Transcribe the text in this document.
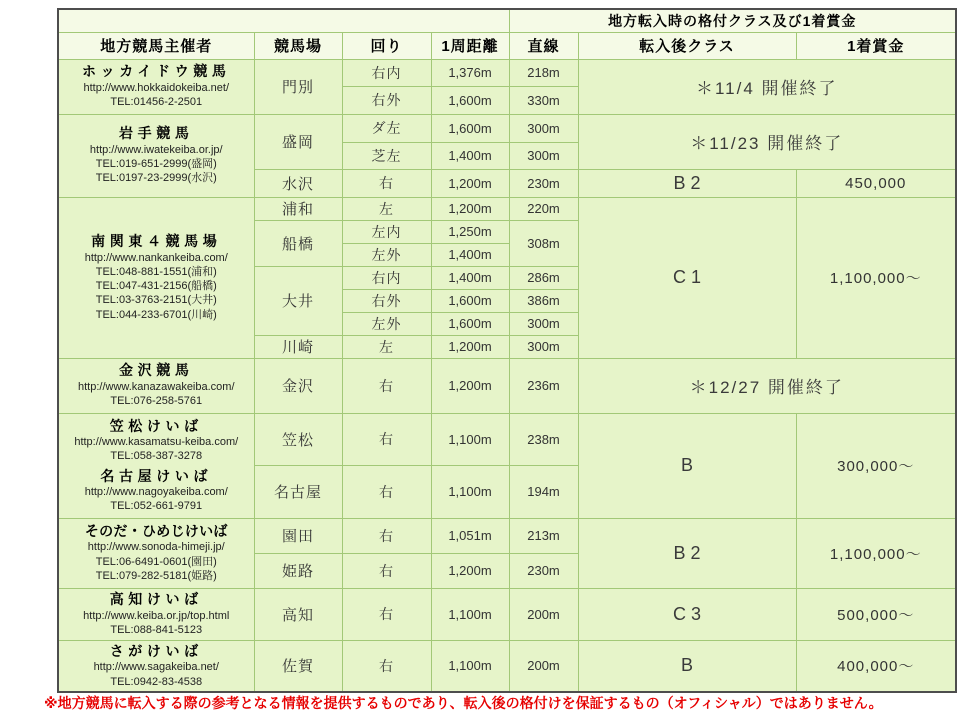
				地方転入時の格付クラス及び1着賞金		
地方競馬主催者	競馬場	回り	1周距離	直線	転入後クラス	1着賞金

ホッカイドウ競馬
http://www.hokkaidokeiba.net/
TEL:01456-2-2501	門別	右内	1,376m	218m	＊11/4 開催終了	
		右外	1,600m	330m		

岩手競馬
http://www.iwatekeiba.or.jp/
TEL:019-651-2999(盛岡)
TEL:0197-23-2999(水沢)	盛岡	ダ左	1,600m	300m	＊11/23 開催終了	
		芝左	1,400m	300m		
	水沢	右	1,200m	230m	B2	450,000

南関東４競馬場
http://www.nankankeiba.com/
TEL:048-881-1551(浦和)
TEL:047-431-2156(船橋)
TEL:03-3763-2151(大井)
TEL:044-233-6701(川崎)
	浦和	左	1,200m	220m	C1	1,100,000～
	船橋	左内	1,250m	308m		
		左外	1,400m			
	大井	右内	1,400m	286m		
		右外	1,600m	386m		
		左外	1,600m	300m		
	川崎	左	1,200m	300m		

金沢競馬
http://www.kanazawakeiba.com/
TEL:076-258-5761	金沢	右	1,200m	236m	＊12/27 開催終了	

笠松けいば
http://www.kasamatsu-keiba.com/
TEL:058-387-3278
名古屋けいば
http://www.nagoyakeiba.com/
TEL:052-661-9791
	笠松	右	1,100m	238m	B	300,000～
	名古屋	右	1,100m	194m		

そのだ・ひめじけいば
http://www.sonoda-himeji.jp/
TEL:06-6491-0601(園田)
TEL:079-282-5181(姫路)	園田	右	1,051m	213m	B2	1,100,000～
	姫路	右	1,200m	230m		

高知けいば
http://www.keiba.or.jp/top.html
TEL:088-841-5123	高知	右	1,100m	200m	C3	500,000～

さがけいば
http://www.sagakeiba.net/
TEL:0942-83-4538	佐賀	右	1,100m	200m	B	400,000～
※地方競馬に転入する際の参考となる情報を提供するものであり、転入後の格付けを保証するもの（オフィシャル）ではありません。
